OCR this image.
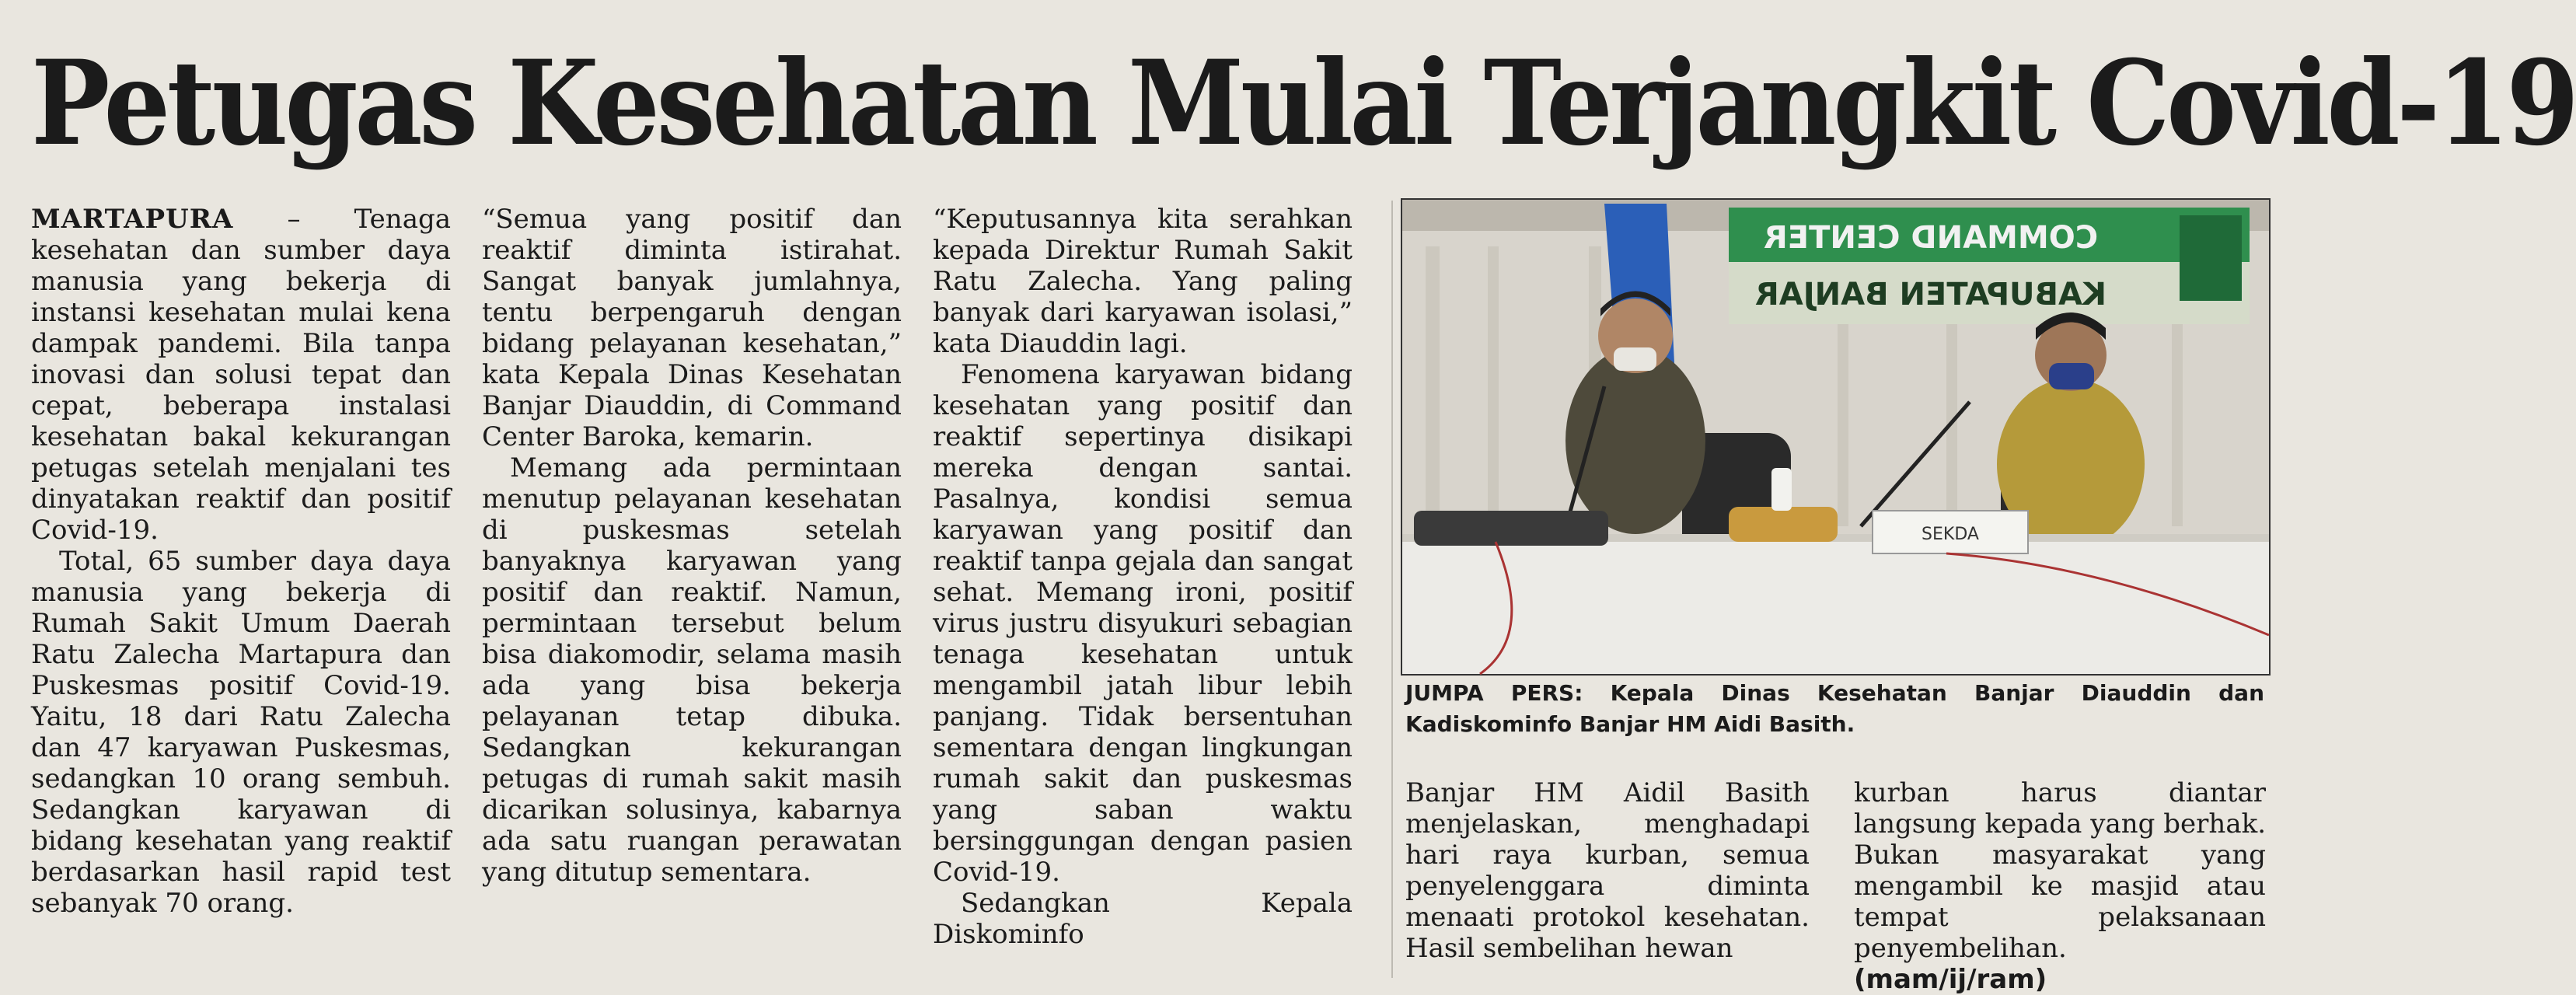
Petugas Kesehatan Mulai Terjangkit Covid-19

MARTAPURA – Tenaga kesehatan dan sumber daya manusia yang bekerja di instansi kesehatan mulai kena dampak pandemi. Bila tanpa inovasi dan solusi tepat dan cepat, beberapa instalasi kesehatan bakal kekurangan petugas setelah menjalani tes dinyatakan reaktif dan positif Covid-19.

Total, 65 sumber daya daya manusia yang bekerja di Rumah Sakit Umum Daerah Ratu Zalecha Martapura dan Puskesmas positif Covid-19. Yaitu, 18 dari Ratu Zalecha dan 47 karyawan Puskesmas, sedangkan 10 orang sembuh. Sedangkan karyawan di bidang kesehatan yang reaktif berdasarkan hasil rapid test sebanyak 70 orang.

“Semua yang positif dan reaktif diminta istirahat. Sangat banyak jumlahnya, tentu berpengaruh dengan bidang pelayanan kesehatan,” kata Kepala Dinas Kesehatan Banjar Diauddin, di Command Center Baroka, kemarin.

Memang ada permintaan menutup pelayanan kesehatan di puskesmas setelah banyaknya karyawan yang positif dan reaktif. Namun, permintaan tersebut belum bisa diakomodir, selama masih ada yang bisa bekerja pelayanan tetap dibuka. Sedangkan kekurangan petugas di rumah sakit masih dicarikan solusinya, kabarnya ada satu ruangan perawatan yang ditutup sementara.

“Keputusannya kita serahkan kepada Direktur Rumah Sakit Ratu Zalecha. Yang paling banyak dari karyawan isolasi,” kata Diauddin lagi.

Fenomena karyawan bidang kesehatan yang positif dan reaktif sepertinya disikapi mereka dengan santai. Pasalnya, kondisi semua karyawan yang positif dan reaktif tanpa gejala dan sangat sehat. Memang ironi, positif virus justru disyukuri sebagian tenaga kesehatan untuk mengambil jatah libur lebih panjang. Tidak bersentuhan sementara dengan lingkungan rumah sakit dan puskesmas yang saban waktu bersinggungan dengan pasien Covid-19.

Sedangkan Kepala Diskominfo

COMMAND CENTER
KABUPATEN BANJAR
SEKDA
JUMPA PERS: Kepala Dinas Kesehatan Banjar Diauddin dan Kadiskominfo Banjar HM Aidi Basith.

Banjar HM Aidil Basith menjelaskan, menghadapi hari raya kurban, semua penyelenggara diminta menaati protokol kesehatan. Hasil sembelihan hewan

kurban harus diantar langsung kepada yang berhak. Bukan masyarakat yang mengambil ke masjid atau tempat pelaksanaan penyembelihan. (mam/ij/ram)
